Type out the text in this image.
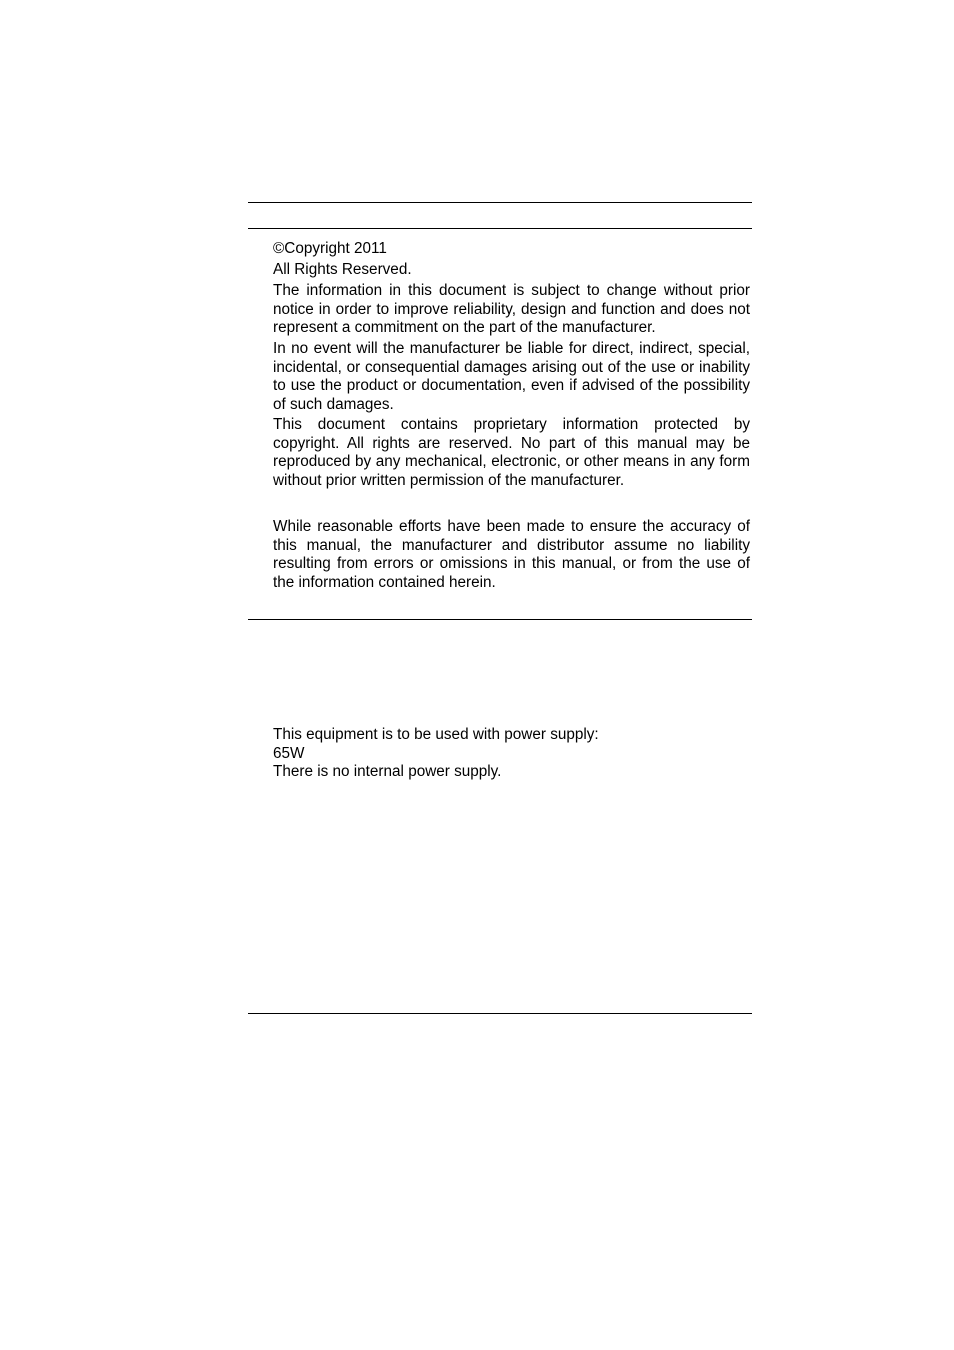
©Copyright 2011
All Rights Reserved.
The information in this document is subject to change without prior notice in order to improve reliability, design and function and does not represent a commitment on the part of the manufacturer.
In no event will the manufacturer be liable for direct, indirect, special, incidental, or consequential damages arising out of the use or inability to use the product or documentation, even if advised of the possibility of such damages.
This document contains proprietary information protected by copyright. All rights are reserved. No part of this manual may be reproduced by any mechanical, electronic, or other means in any form without prior written permission of the manufacturer.
While reasonable efforts have been made to ensure the accuracy of this manual, the manufacturer and distributor assume no liability resulting from errors or omissions in this manual, or from the use of the information contained herein.
This equipment is to be used with power supply:
65W
There is no internal power supply.
